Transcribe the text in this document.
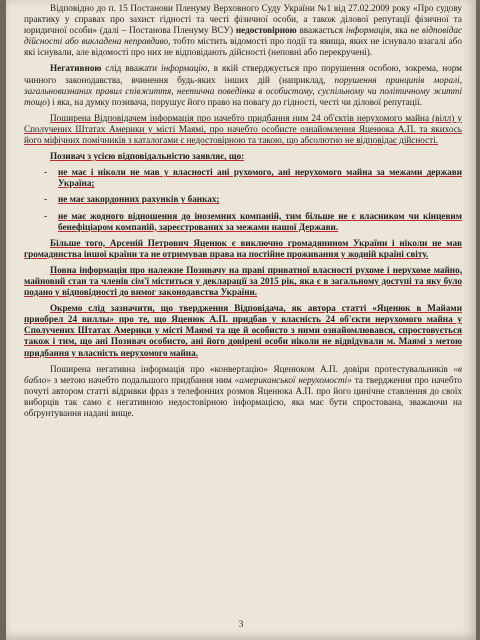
Відповідно до п. 15 Постанови Пленуму Верховного Суду України №1 від 27.02.2009 року «Про судову практику у справах про захист гідності та честі фізичної особи, а також ділової репутації фізичної та юридичної особи» (далі – Постанова Пленуму ВСУ) недостовірною вважається інформація, яка не відповідає дійсності або викладена неправдиво, тобто містить відомості про події та явища, яких не існувало взагалі або які існували, але відомості про них не відповідають дійсності (неповні або перекручені).

Негативною слід вважати інформацію, в якій стверджується про порушення особою, зокрема, норм чинного законодавства, вчинення будь-яких інших дій (наприклад, порушення принципів моралі, загальновизнаних правил співжиття, неетична поведінка в особистому, суспільному чи політичному житті тощо) і яка, на думку позивача, порушує його право на повагу до гідності, честі чи ділової репутації.

Поширена Відповідачем інформація про начебто придбання ним 24 об'єктів нерухомого майна (вілл) у Сполучених Штатах Америки у місті Маямі, про начебто особисте ознайомлення Яценюка А.П. та якихось його міфічних помічників з каталогами є недостовірною та такою, що абсолютно не відповідає дійсності.

Позивач з усією відповідальністю заявляє, що:

- не має і ніколи не мав у власності ані рухомого, ані нерухомого майна за межами держави Україна;
- не має закордонних рахунків у банках;
- не має жодного відношення до іноземних компаній, тим більше не є власником чи кінцевим бенефіціаром компаній, зареєстрованих за межами нашої Держави.

Більше того, Арсеній Петрович Яценюк є виключно громадянином України і ніколи не мав громадянства іншої країни та не отримував права на постійне проживання у жодній країні світу.

Повна інформація про належне Позивачу на праві приватної власності рухоме і нерухоме майно, майновий стан та членів сім'ї міститься у декларації за 2015 рік, яка є в загальному доступі та яку було подано у відповідності до вимог законодавства України.

Окремо слід зазначити, що твердження Відповідача, як автора статті «Яценюк в Майами приобрел 24 виллы» про те, що Яценюк А.П. придбав у власність 24 об'єкти нерухомого майна у Сполучених Штатах Америки у місті Маямі та ще й особисто з ними ознайомлювався, спростовується також і тим, що ані Позивач особисто, ані його довірені особи ніколи не відвідували м. Маямі з метою придбання у власність нерухомого майна.

Поширена негативна інформація про «конвертацію» Яценюком А.П. довіри протестувальників «в бабло» з метою начебто подальшого придбання ним «американської нерухомості» та твердження про начебто почуті автором статті відривки фраз з телефонних розмов Яценюка А.П. про його цинічне ставлення до своїх виборців так само є негативною недостовірною інформацією, яка має бути спростована, зважаючи на обґрунтування надані вище.

3
